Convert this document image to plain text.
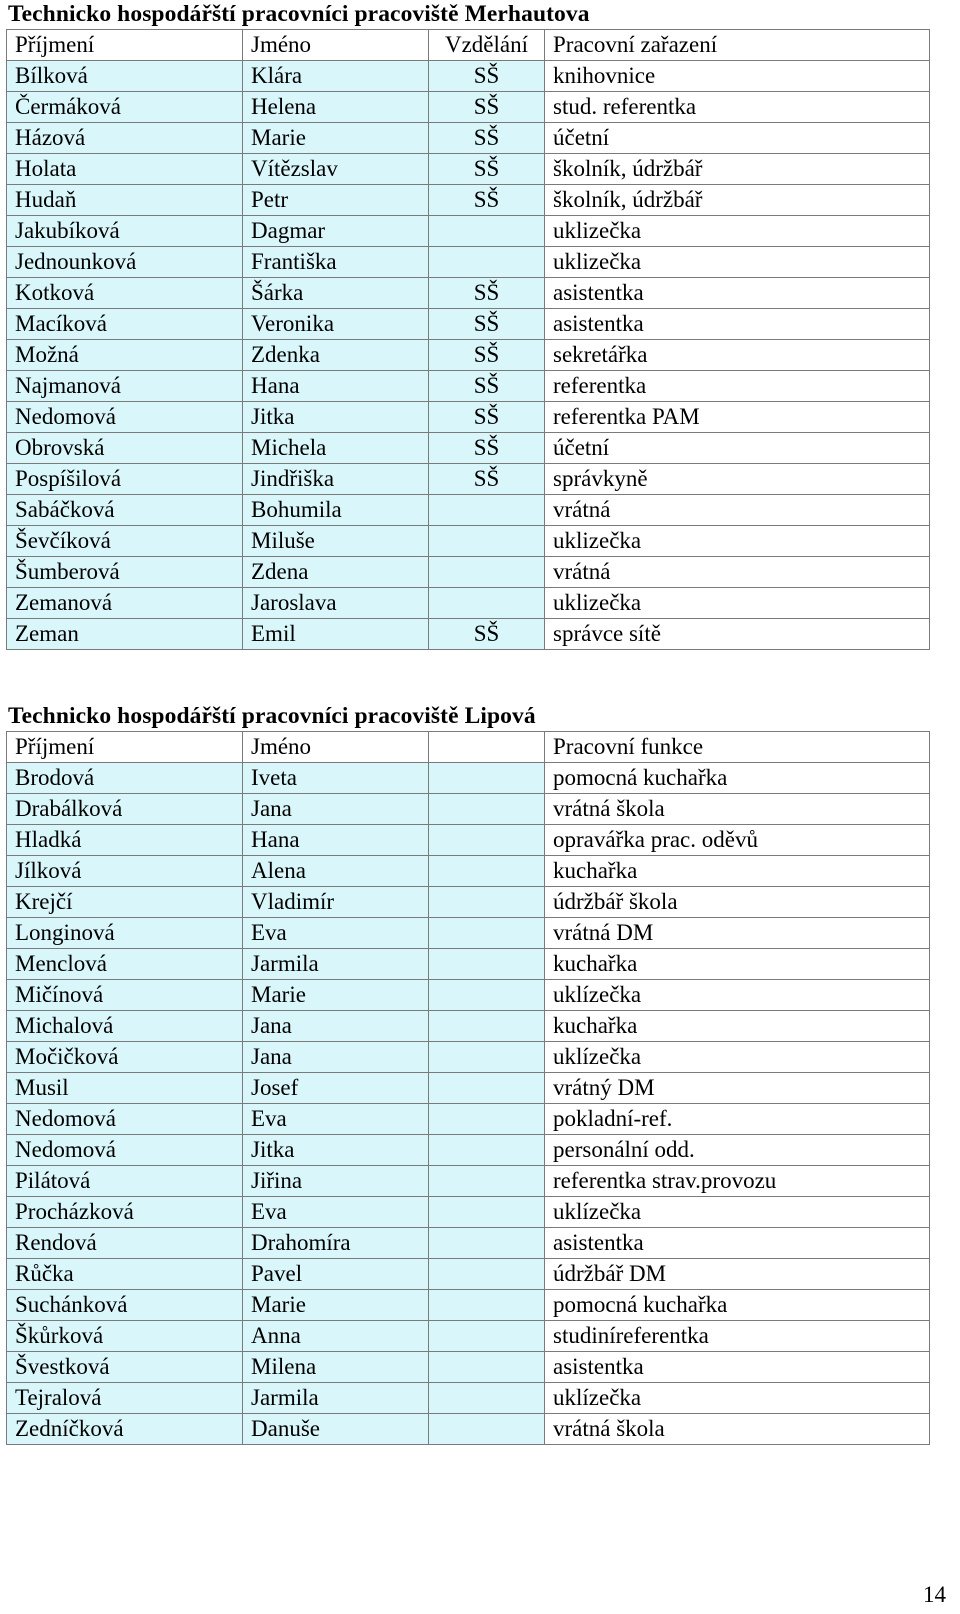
Technicko hospodářští pracovníci pracoviště Merhautova
Příjmení	Jméno	Vzdělání	Pracovní zařazení
Bílková	Klára	SŠ	knihovnice
Čermáková	Helena	SŠ	stud. referentka
Házová	Marie	SŠ	účetní
Holata	Vítězslav	SŠ	školník, údržbář
Hudaň	Petr	SŠ	školník, údržbář
Jakubíková	Dagmar		uklizečka
Jednounková	Františka		uklizečka
Kotková	Šárka	SŠ	asistentka
Macíková	Veronika	SŠ	asistentka
Možná	Zdenka	SŠ	sekretářka
Najmanová	Hana	SŠ	referentka
Nedomová	Jitka	SŠ	referentka PAM
Obrovská	Michela	SŠ	účetní
Pospíšilová	Jindřiška	SŠ	správkyně
Sabáčková	Bohumila		vrátná
Ševčíková	Miluše		uklizečka
Šumberová	Zdena		vrátná
Zemanová	Jaroslava		uklizečka
Zeman	Emil	SŠ	správce sítě
Technicko hospodářští pracovníci pracoviště Lipová
Příjmení	Jméno		Pracovní funkce
Brodová	Iveta		pomocná kuchařka
Drabálková	Jana		vrátná škola
Hladká	Hana		opravářka prac. oděvů
Jílková	Alena		kuchařka
Krejčí	Vladimír		údržbář škola
Longinová	Eva		vrátná DM
Menclová	Jarmila		kuchařka
Mičínová	Marie		uklízečka
Michalová	Jana		kuchařka
Močičková	Jana		uklízečka
Musil	Josef		vrátný DM
Nedomová	Eva		pokladní-ref.
Nedomová	Jitka		personální odd.
Pilátová	Jiřina		referentka strav.provozu
Procházková	Eva		uklízečka
Rendová	Drahomíra		asistentka
Růčka	Pavel		údržbář DM
Suchánková	Marie		pomocná kuchařka
Škůrková	Anna		studiníreferentka
Švestková	Milena		asistentka
Tejralová	Jarmila		uklízečka
Zedníčková	Danuše		vrátná škola
14
